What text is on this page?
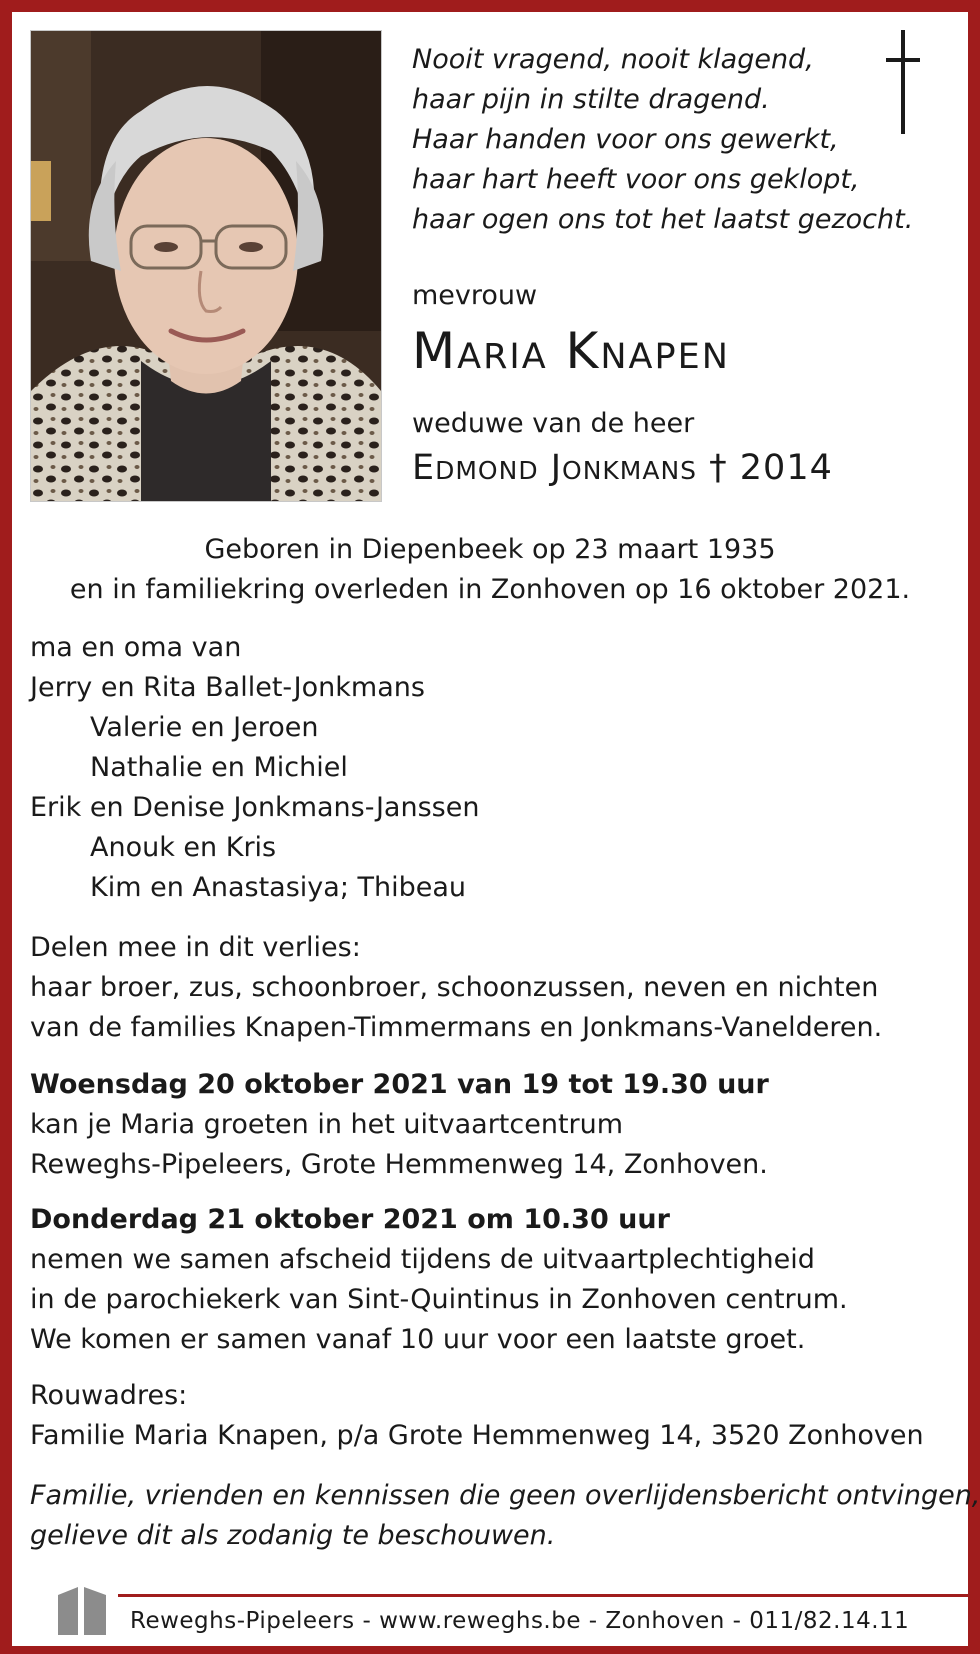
Nooit vragend, nooit klagend,
haar pijn in stilte dragend.
Haar handen voor ons gewerkt,
haar hart heeft voor ons geklopt,
haar ogen ons tot het laatst gezocht.
mevrouw
Maria Knapen
weduwe van de heer
Edmond Jonkmans † 2014
Geboren in Diepenbeek op 23 maart 1935
en in familiekring overleden in Zonhoven op 16 oktober 2021.
ma en oma van
Jerry en Rita Ballet-Jonkmans
Valerie en Jeroen
Nathalie en Michiel
Erik en Denise Jonkmans-Janssen
Anouk en Kris
Kim en Anastasiya; Thibeau
Delen mee in dit verlies:
haar broer, zus, schoonbroer, schoonzussen, neven en nichten
van de families Knapen-Timmermans en Jonkmans-Vanelderen.
Woensdag 20 oktober 2021 van 19 tot 19.30 uur
kan je Maria groeten in het uitvaartcentrum
Reweghs-Pipeleers, Grote Hemmenweg 14, Zonhoven.
Donderdag 21 oktober 2021 om 10.30 uur
nemen we samen afscheid tijdens de uitvaartplechtigheid
in de parochiekerk van Sint-Quintinus in Zonhoven centrum.
We komen er samen vanaf 10 uur voor een laatste groet.
Rouwadres:
Familie Maria Knapen, p/a Grote Hemmenweg 14, 3520 Zonhoven
Familie, vrienden en kennissen die geen overlijdensbericht ontvingen,
gelieve dit als zodanig te beschouwen.
Reweghs-Pipeleers - www.reweghs.be - Zonhoven - 011/82.14.11
